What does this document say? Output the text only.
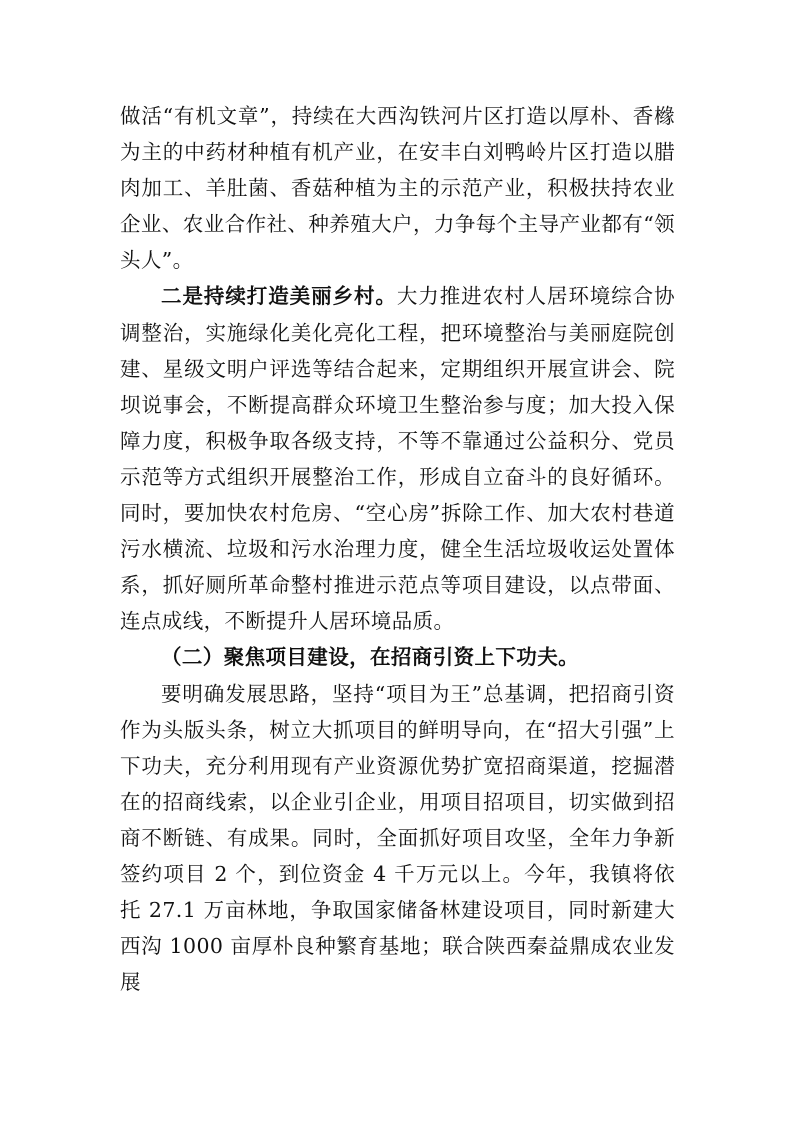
做活“有机文章”，持续在大西沟铁河片区打造以厚朴、香橼为主的中药材种植有机产业，在安丰白刘鸭岭片区打造以腊肉加工、羊肚菌、香菇种植为主的示范产业，积极扶持农业企业、农业合作社、种养殖大户，力争每个主导产业都有“领头人”。

二是持续打造美丽乡村。大力推进农村人居环境综合协调整治，实施绿化美化亮化工程，把环境整治与美丽庭院创建、星级文明户评选等结合起来，定期组织开展宣讲会、院坝说事会，不断提高群众环境卫生整治参与度；加大投入保障力度，积极争取各级支持，不等不靠通过公益积分、党员示范等方式组织开展整治工作，形成自立奋斗的良好循环。同时，要加快农村危房、“空心房”拆除工作、加大农村巷道污水横流、垃圾和污水治理力度，健全生活垃圾收运处置体系，抓好厕所革命整村推进示范点等项目建设，以点带面、连点成线，不断提升人居环境品质。

（二）聚焦项目建设，在招商引资上下功夫。

要明确发展思路，坚持“项目为王”总基调，把招商引资作为头版头条，树立大抓项目的鲜明导向，在“招大引强”上下功夫，充分利用现有产业资源优势扩宽招商渠道，挖掘潜在的招商线索，以企业引企业，用项目招项目，切实做到招商不断链、有成果。同时，全面抓好项目攻坚，全年力争新签约项目 2 个，到位资金 4 千万元以上。今年，我镇将依托 27.1 万亩林地，争取国家储备林建设项目，同时新建大西沟 1000 亩厚朴良种繁育基地；联合陕西秦益鼎成农业发展
